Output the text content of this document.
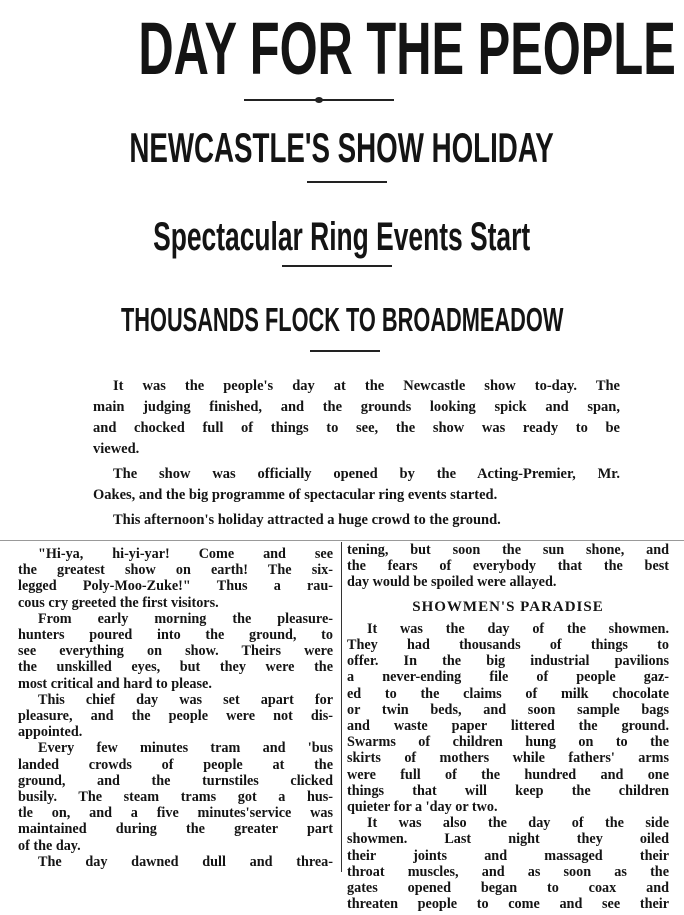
DAY FOR THE PEOPLE
NEWCASTLE'S SHOW HOLIDAY
Spectacular Ring Events Start
THOUSANDS FLOCK TO BROADMEADOW
It was the people's day at the Newcastle show to-day. The
main judging finished, and the grounds looking spick and span,
and chocked full of things to see, the show was ready to be
viewed.
The show was officially opened by the Acting-Premier, Mr.
Oakes, and the big programme of spectacular ring events started.
This afternoon's holiday attracted a huge crowd to the ground.
"Hi-ya, hi-yi-yar! Come and see
the greatest show on earth! The six-
legged Poly-Moo-Zuke!" Thus a rau-
cous cry greeted the first visitors.
From early morning the pleasure-
hunters poured into the ground, to
see everything on show. Theirs were
the unskilled eyes, but they were the
most critical and hard to please.
This chief day was set apart for
pleasure, and the people were not dis-
appointed.
Every few minutes tram and 'bus
landed crowds of people at the
ground, and the turnstiles clicked
busily. The steam trams got a hus-
tle on, and a five minutes'service was
maintained during the greater part
of the day.
The day dawned dull and threa-
tening, but soon the sun shone, and
the fears of everybody that the best
day would be spoiled were allayed.
SHOWMEN'S PARADISE
It was the day of the showmen.
They had thousands of things to
offer. In the big industrial pavilions
a never-ending file of people gaz-
ed to the claims of milk chocolate
or twin beds, and soon sample bags
and waste paper littered the ground.
Swarms of children hung on to the
skirts of mothers while fathers' arms
were full of the hundred and one
things that will keep the children
quieter for a 'day or two.
It was also the day of the side
showmen. Last night they oiled
their joints and massaged their
throat muscles, and as soon as the
gates opened began to coax and
threaten people to come and see their
